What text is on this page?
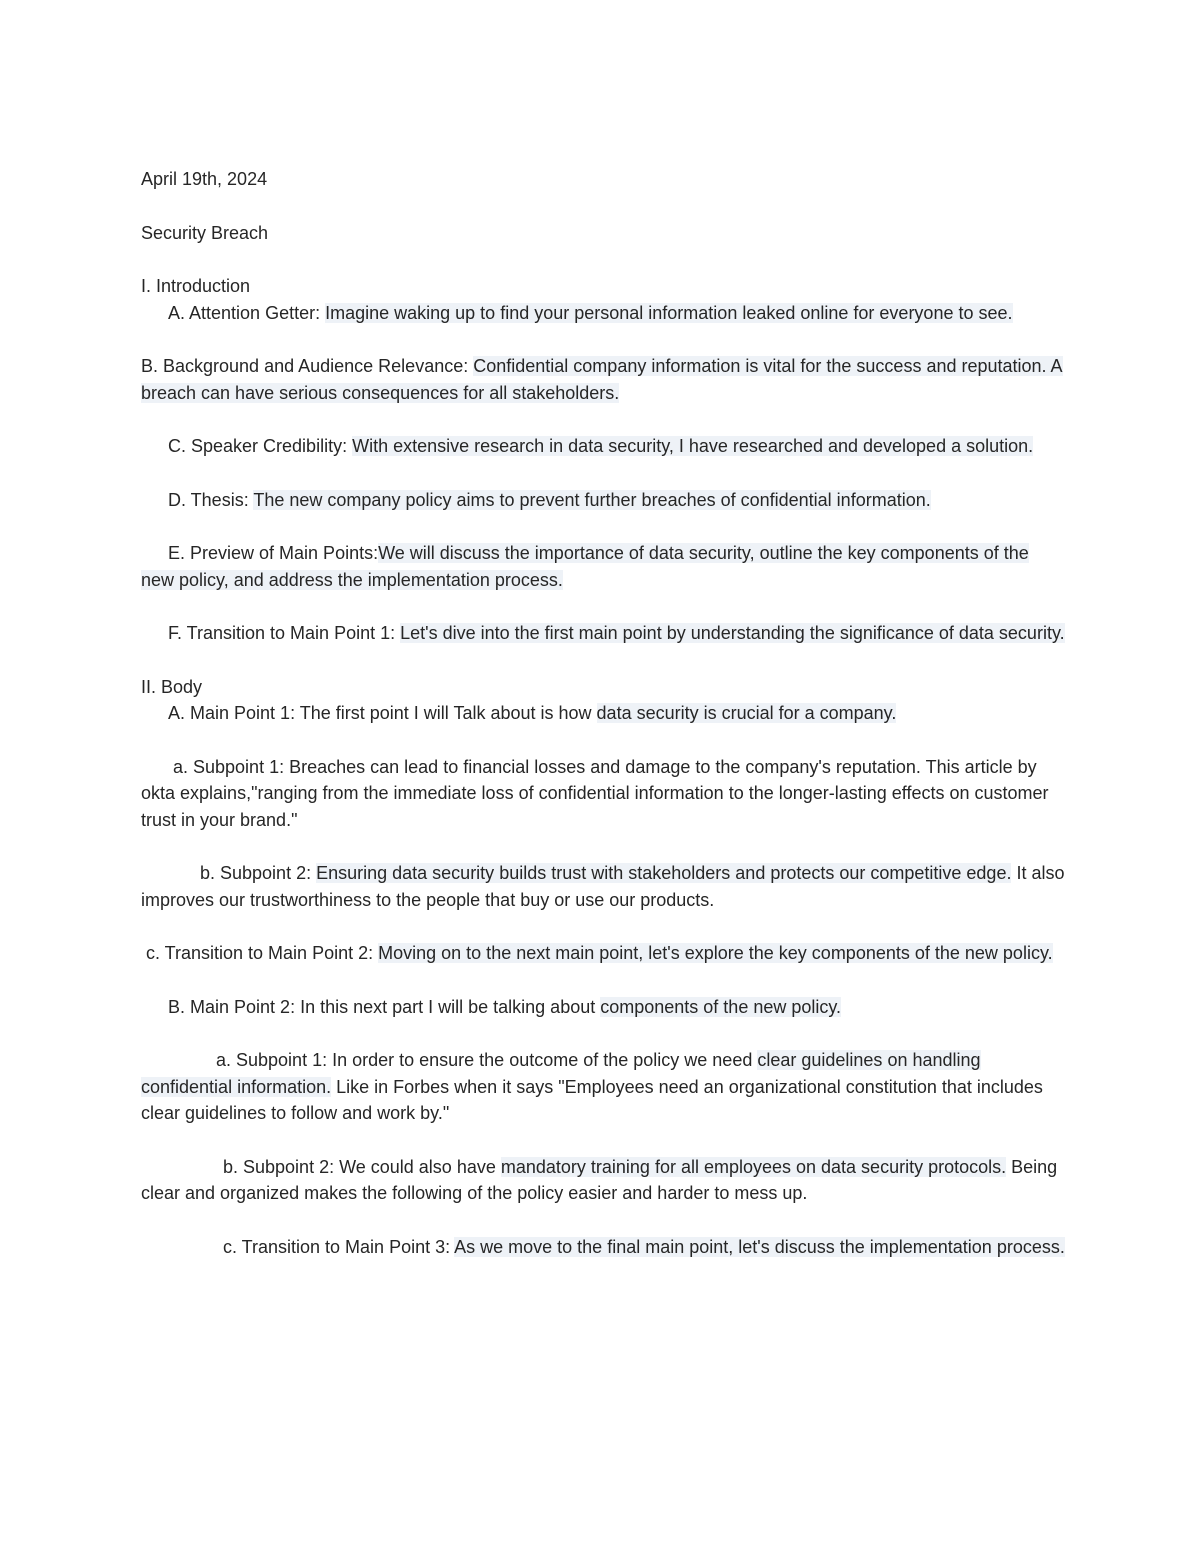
April 19th, 2024

Security Breach

I. Introduction

A. Attention Getter: Imagine waking up to find your personal information leaked online for everyone to see.

B. Background and Audience Relevance: Confidential company information is vital for the success and reputation. A breach can have serious consequences for all stakeholders.

C. Speaker Credibility: With extensive research in data security, I have researched and developed a solution.

D. Thesis: The new company policy aims to prevent further breaches of confidential information.

E. Preview of Main Points:We will discuss the importance of data security, outline the key components of the new policy, and address the implementation process.

F. Transition to Main Point 1: Let's dive into the first main point by understanding the significance of data security.

II. Body

A. Main Point 1: The first point I will Talk about is how data security is crucial for a company.

a. Subpoint 1: Breaches can lead to financial losses and damage to the company's reputation. This article by okta explains,"ranging from the immediate loss of confidential information to the longer-lasting effects on customer trust in your brand."

b. Subpoint 2: Ensuring data security builds trust with stakeholders and protects our competitive edge. It also improves our trustworthiness to the people that buy or use our products.

c. Transition to Main Point 2: Moving on to the next main point, let's explore the key components of the new policy.

B. Main Point 2: In this next part I will be talking about components of the new policy.

a. Subpoint 1: In order to ensure the outcome of the policy we need clear guidelines on handling confidential information. Like in Forbes when it says "Employees need an organizational constitution that includes clear guidelines to follow and work by."

b. Subpoint 2: We could also have mandatory training for all employees on data security protocols. Being clear and organized makes the following of the policy easier and harder to mess up.

c. Transition to Main Point 3: As we move to the final main point, let's discuss the implementation process.
